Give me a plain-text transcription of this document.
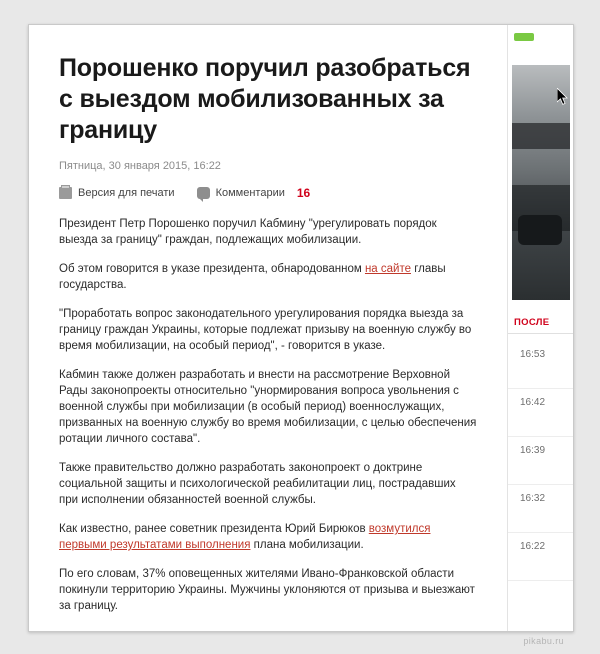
Порошенко поручил разобраться с выездом мобилизованных за границу
Пятница, 30 января 2015, 16:22
Версия для печати	Комментарии 16

Президент Петр Порошенко поручил Кабмину "урегулировать порядок выезда за границу" граждан, подлежащих мобилизации.

Об этом говорится в указе президента, обнародованном на сайте главы государства.

"Проработать вопрос законодательного урегулирования порядка выезда за границу граждан Украины, которые подлежат призыву на военную службу во время мобилизации, на особый период", - говорится в указе.

Кабмин также должен разработать и внести на рассмотрение Верховной Рады законопроекты относительно "унормирования вопроса увольнения с военной службы при мобилизации (в особый период) военнослужащих, призванных на военную службу во время мобилизации, с целью обеспечения ротации личного состава".

Также правительство должно разработать законопроект о доктрине социальной защиты и психологической реабилитации лиц, пострадавших при исполнении обязанностей военной службы.

Как известно, ранее советник президента Юрий Бирюков возмутился первыми результатами выполнения плана мобилизации.

По его словам, 37% оповещенных жителями Ивано-Франковской области покинули территорию Украины. Мужчины уклоняются от призыва и выезжают за границу.

ПОСЛЕ
16:53
16:42
16:39
16:32
16:22
pikabu.ru
